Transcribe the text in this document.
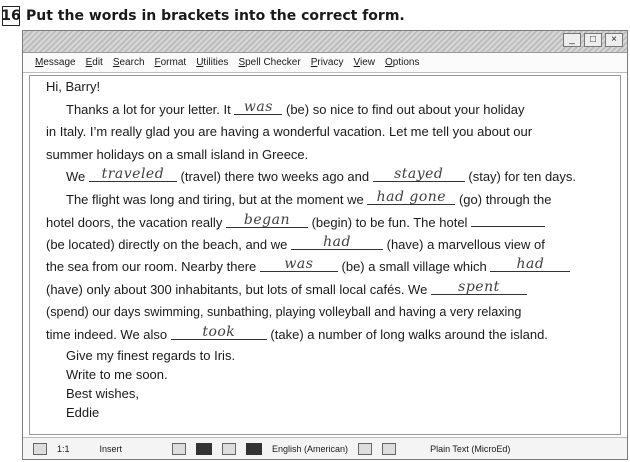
16 Put the words in brackets into the correct form.
_	□	×
Message Edit Search Format Utilities Spell Checker Privacy View Options
Hi, Barry!
Thanks a lot for your letter. It was (be) so nice to find out about your holiday
in Italy. I’m really glad you are having a wonderful vacation. Let me tell you about our
summer holidays on a small island in Greece.
We traveled (travel) there two weeks ago and stayed (stay) for ten days.
The flight was long and tiring, but at the moment we had gone (go) through the
hotel doors, the vacation really began (begin) to be fun. The hotel
(be located) directly on the beach, and we	had	(have) a marvellous view of
the sea from our room. Nearby there was (be) a small village which had
(have) only about 300 inhabitants, but lots of small local cafés. We spent
(spend) our days swimming, sunbathing, playing volleyball and having a very relaxing
time indeed. We also	took	(take) a number of long walks around the island.
Give my finest regards to Iris.
Write to me soon.
Best wishes,
Eddie
1:1	Insert	English (American)	Plain Text (MicroEd)
